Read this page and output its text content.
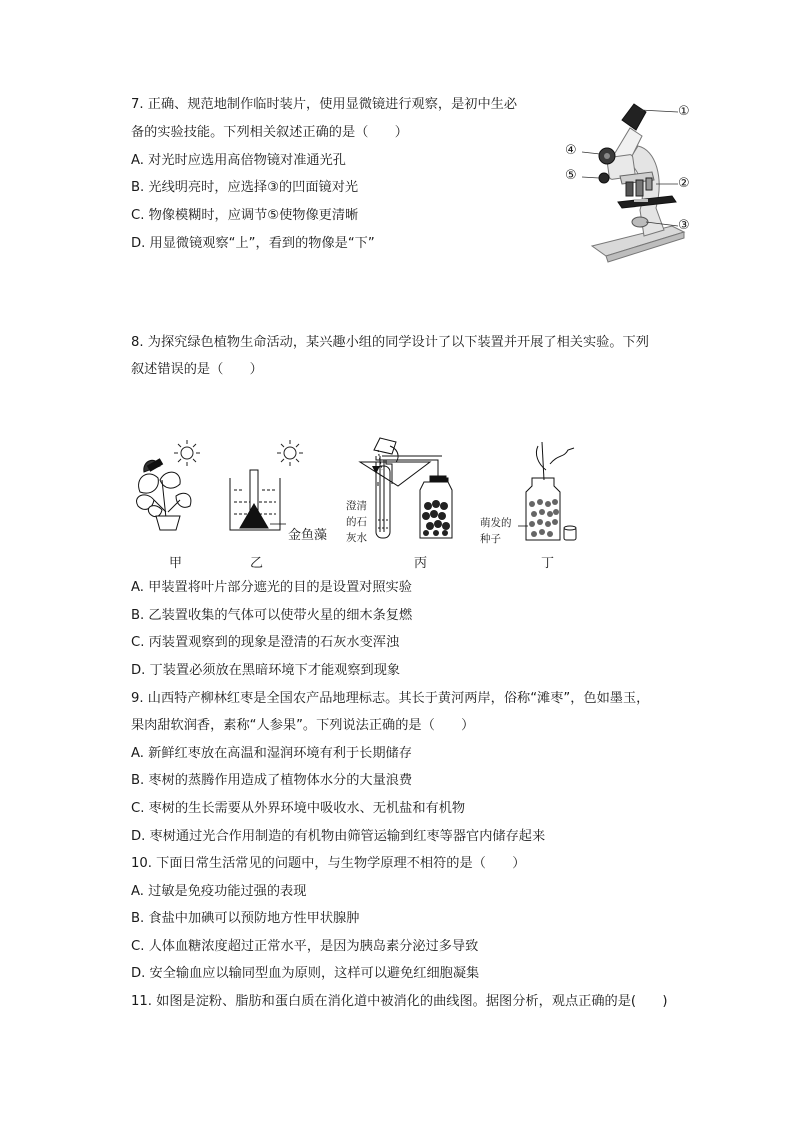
7. 正确、规范地制作临时装片，使用显微镜进行观察，是初中生必
备的实验技能。下列相关叙述正确的是（　　）
A. 对光时应选用高倍物镜对准通光孔
B. 光线明亮时，应选择③的凹面镜对光
C. 物像模糊时，应调节⑤使物像更清晰
D. 用显微镜观察“上”，看到的物像是“下”
①
②
③
④
⑤
8. 为探究绿色植物生命活动，某兴趣小组的同学设计了以下装置并开展了相关实验。下列
叙述错误的是（　　）
金鱼藻
澄清
的石
灰水
萌发的
种子
甲	乙	丙	丁
A. 甲装置将叶片部分遮光的目的是设置对照实验
B. 乙装置收集的气体可以使带火星的细木条复燃
C. 丙装置观察到的现象是澄清的石灰水变浑浊
D. 丁装置必须放在黑暗环境下才能观察到现象
9. 山西特产柳林红枣是全国农产品地理标志。其长于黄河两岸，俗称“滩枣”，色如墨玉，
果肉甜软润香，素称“人参果”。下列说法正确的是（　　）
A. 新鲜红枣放在高温和湿润环境有利于长期储存
B. 枣树的蒸腾作用造成了植物体水分的大量浪费
C. 枣树的生长需要从外界环境中吸收水、无机盐和有机物
D. 枣树通过光合作用制造的有机物由筛管运输到红枣等器官内储存起来
10. 下面日常生活常见的问题中，与生物学原理不相符的是（　　）
A. 过敏是免疫功能过强的表现
B. 食盐中加碘可以预防地方性甲状腺肿
C. 人体血糖浓度超过正常水平，是因为胰岛素分泌过多导致
D. 安全输血应以输同型血为原则，这样可以避免红细胞凝集
11. 如图是淀粉、脂肪和蛋白质在消化道中被消化的曲线图。据图分析，观点正确的是(　　)
